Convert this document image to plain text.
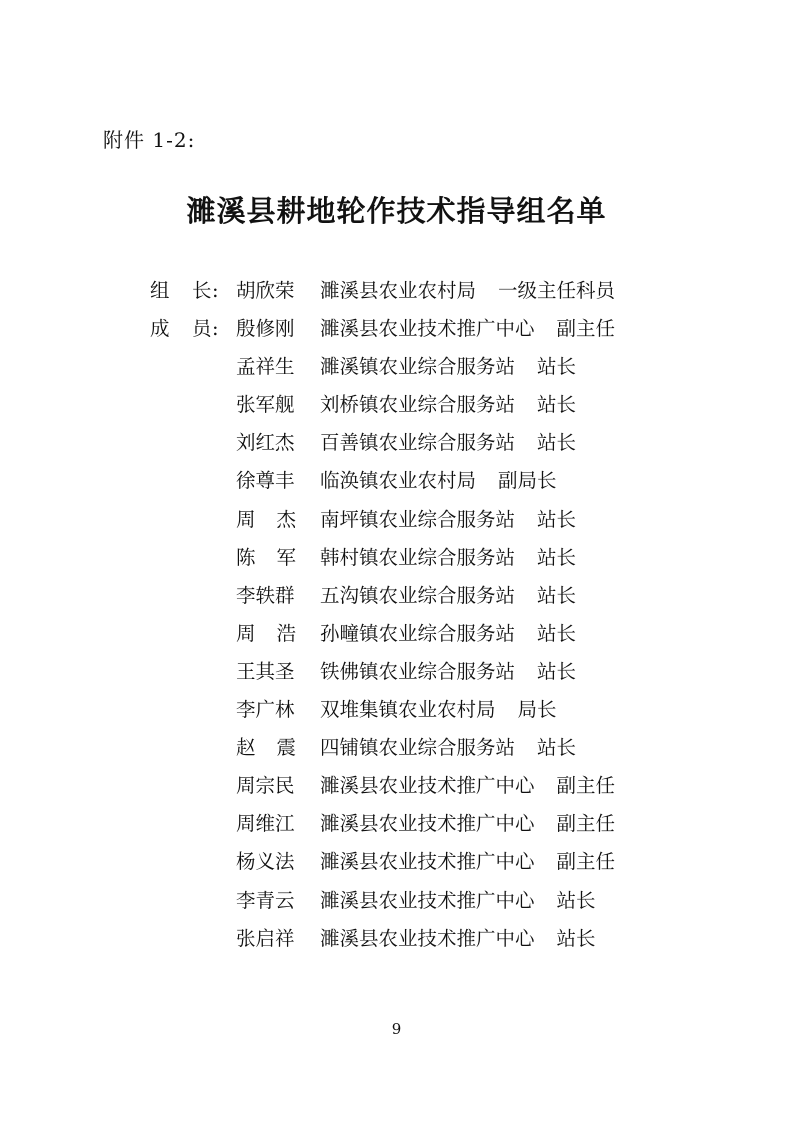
附件 1-2:
濉溪县耕地轮作技术指导组名单
组 长 : 胡欣荣 濉溪县农业农村局 一级主任科员
成 员 : 殷修刚 濉溪县农业技术推广中心 副主任
孟祥生 濉溪镇农业综合服务站 站长
张军舰 刘桥镇农业综合服务站 站长
刘红杰 百善镇农业综合服务站 站长
徐尊丰 临涣镇农业农村局 副局长
周 杰 南坪镇农业综合服务站 站长
陈 军 韩村镇农业综合服务站 站长
李轶群 五沟镇农业综合服务站 站长
周 浩 孙疃镇农业综合服务站 站长
王其圣 铁佛镇农业综合服务站 站长
李广林 双堆集镇农业农村局 局长
赵 震 四铺镇农业综合服务站 站长
周宗民 濉溪县农业技术推广中心 副主任
周维江 濉溪县农业技术推广中心 副主任
杨义法 濉溪县农业技术推广中心 副主任
李青云 濉溪县农业技术推广中心 站长
张启祥 濉溪县农业技术推广中心 站长
9
